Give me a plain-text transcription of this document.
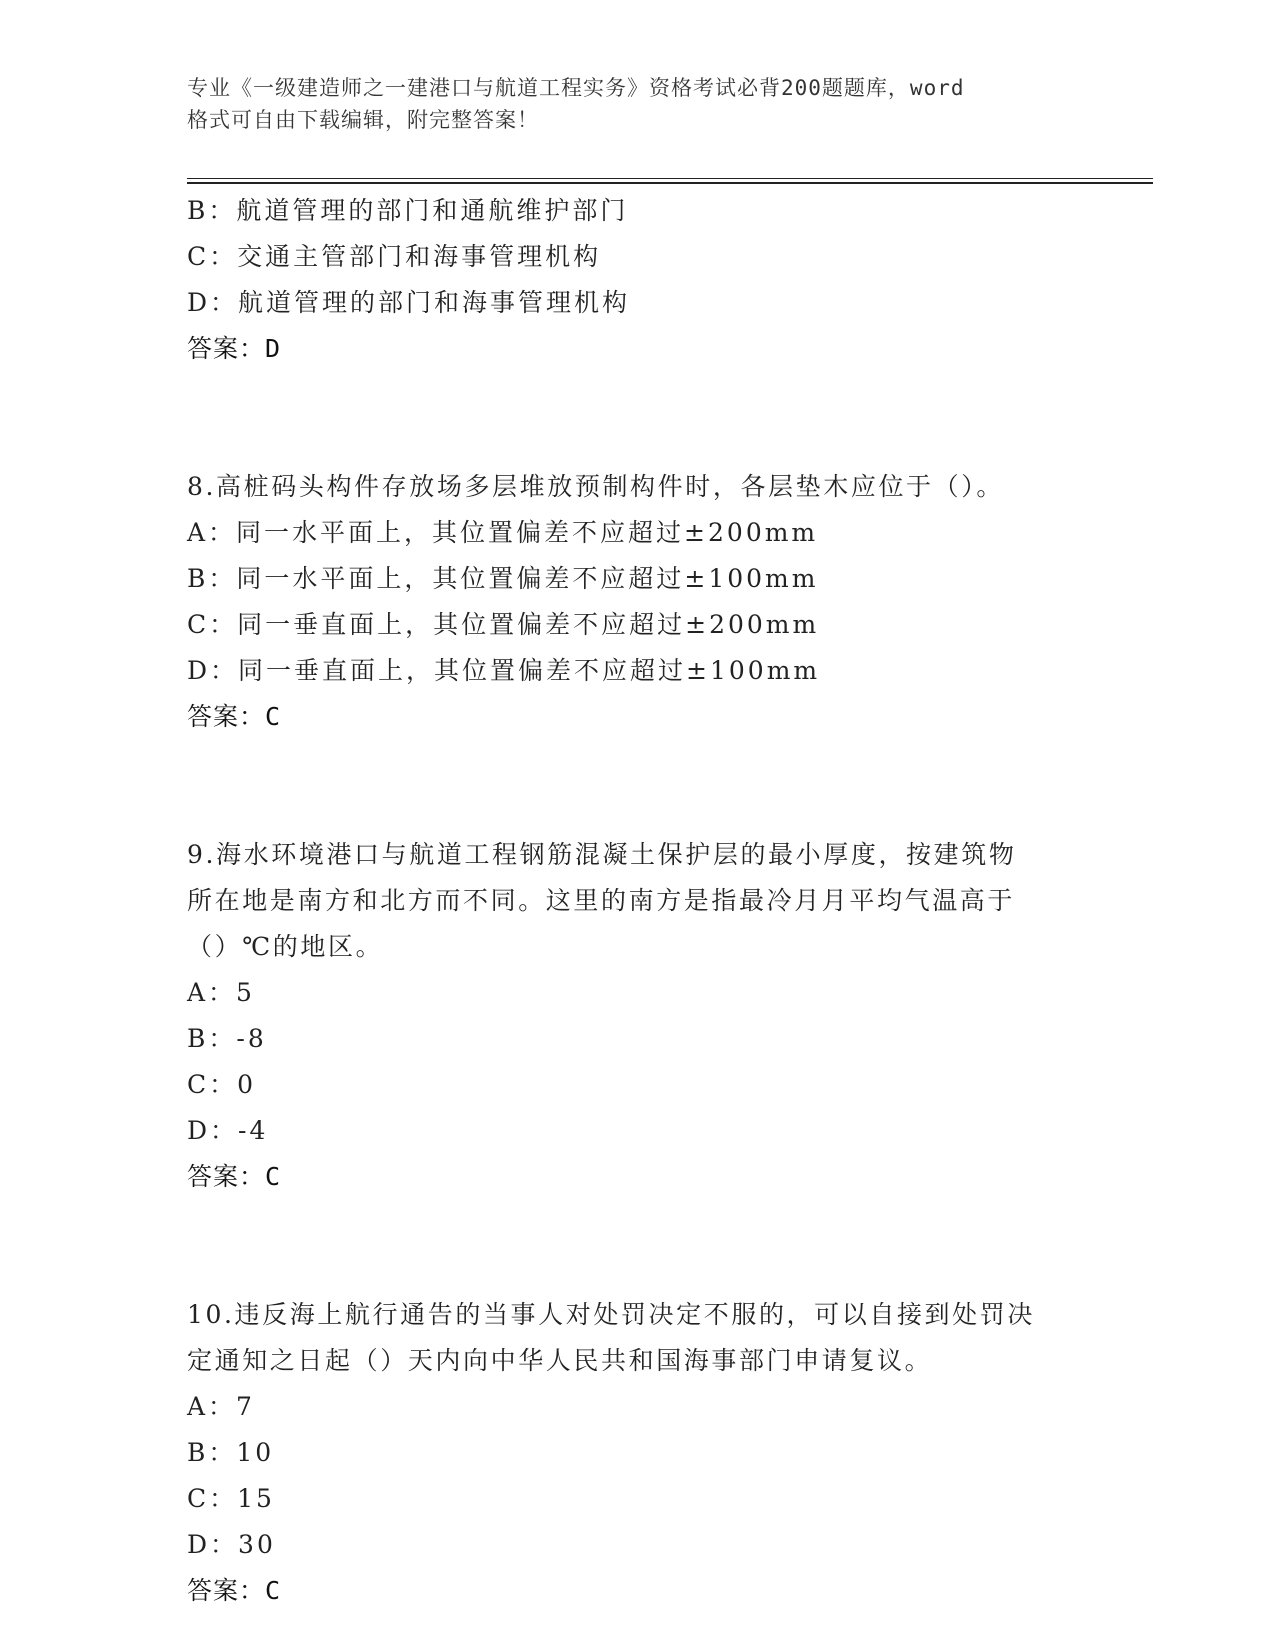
专业《一级建造师之一建港口与航道工程实务》资格考试必背200题题库，word
格式可自由下载编辑，附完整答案！
B：航道管理的部门和通航维护部门
C：交通主管部门和海事管理机构
D：航道管理的部门和海事管理机构
答案：D
8.高桩码头构件存放场多层堆放预制构件时，各层垫木应位于（）。
A：同一水平面上，其位置偏差不应超过±200mm
B：同一水平面上，其位置偏差不应超过±100mm
C：同一垂直面上，其位置偏差不应超过±200mm
D：同一垂直面上，其位置偏差不应超过±100mm
答案：C
9.海水环境港口与航道工程钢筋混凝土保护层的最小厚度，按建筑物
所在地是南方和北方而不同。这里的南方是指最冷月月平均气温高于
（）℃的地区。
A：5
B：-8
C：0
D：-4
答案：C
10.违反海上航行通告的当事人对处罚决定不服的，可以自接到处罚决
定通知之日起（）天内向中华人民共和国海事部门申请复议。
A：7
B：10
C：15
D：30
答案：C
